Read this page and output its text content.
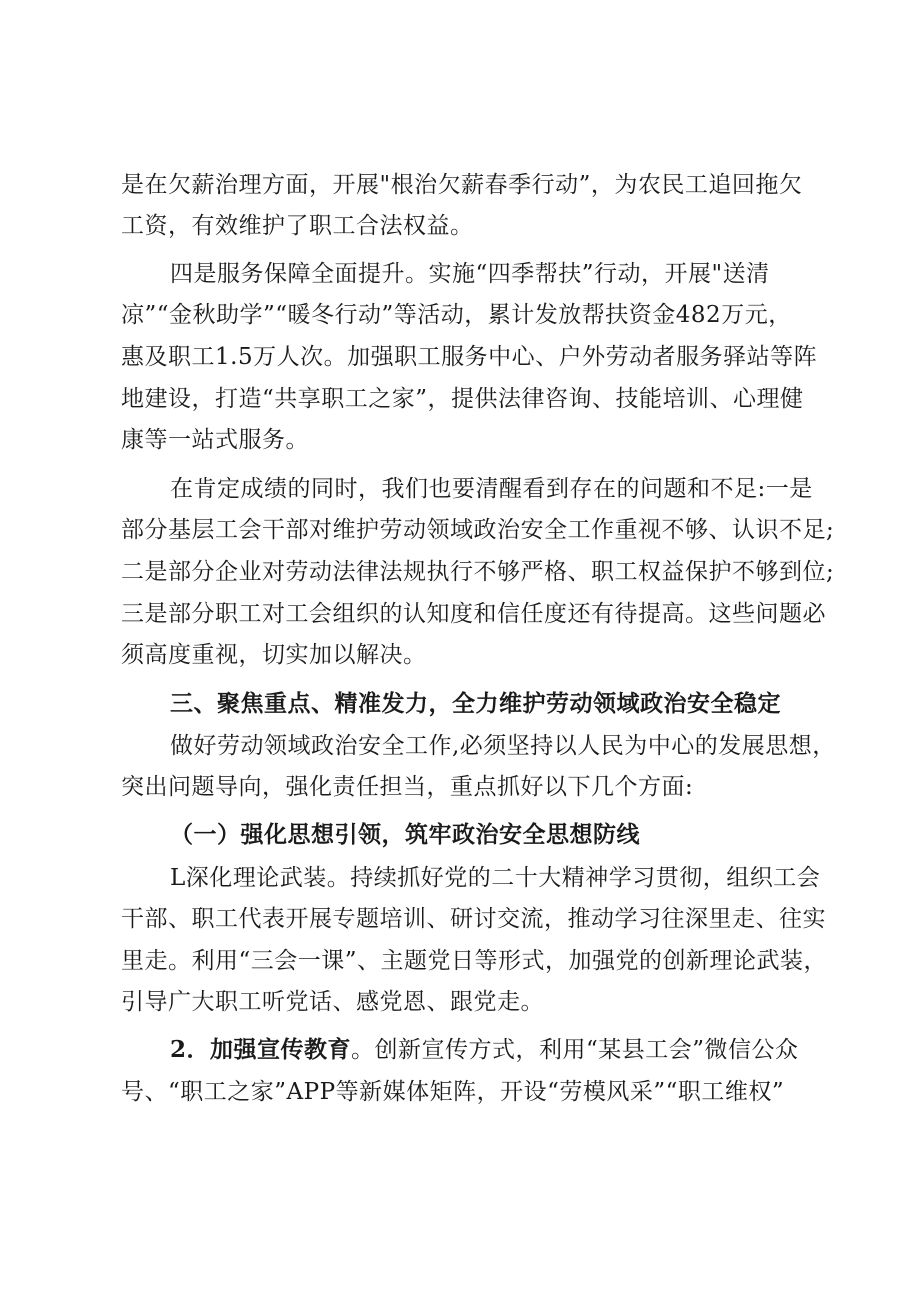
是在欠薪治理方面，开展"根治欠薪春季行动”，为农民工追回拖欠
工资，有效维护了职工合法权益。
四是服务保障全面提升。实施“四季帮扶”行动，开展"送清
凉”“金秋助学”“暖冬行动”等活动，累计发放帮扶资金482万元，
惠及职工1.5万人次。加强职工服务中心、户外劳动者服务驿站等阵
地建设，打造“共享职工之家”，提供法律咨询、技能培训、心理健
康等一站式服务。
在肯定成绩的同时，我们也要清醒看到存在的问题和不足:一是
部分基层工会干部对维护劳动领域政治安全工作重视不够、认识不足;
二是部分企业对劳动法律法规执行不够严格、职工权益保护不够到位;
三是部分职工对工会组织的认知度和信任度还有待提高。这些问题必
须高度重视，切实加以解决。
三、聚焦重点、精准发力，全力维护劳动领域政治安全稳定
做好劳动领域政治安全工作,必须坚持以人民为中心的发展思想，
突出问题导向，强化责任担当，重点抓好以下几个方面:
（一）强化思想引领，筑牢政治安全思想防线
L深化理论武装。持续抓好党的二十大精神学习贯彻，组织工会
干部、职工代表开展专题培训、研讨交流，推动学习往深里走、往实
里走。利用“三会一课”、主题党日等形式，加强党的创新理论武装，
引导广大职工听党话、感党恩、跟党走。
2．加强宣传教育。创新宣传方式，利用“某县工会”微信公众
号、“职工之家”APP等新媒体矩阵，开设“劳模风采”“职工维权”
